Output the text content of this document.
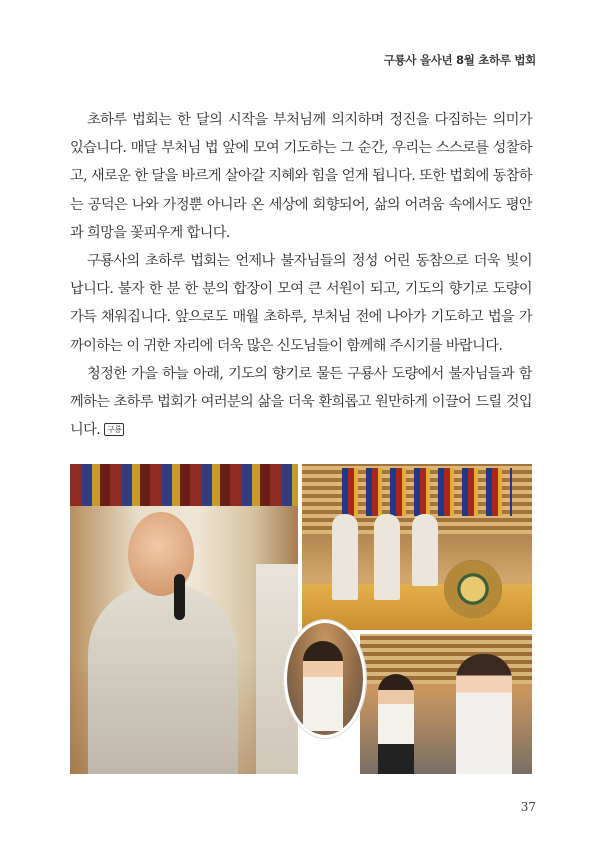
구룡사 을사년 8월 초하루 법회

초하루 법회는 한 달의 시작을 부처님께 의지하며 정진을 다짐하는 의미가 있습니다. 매달 부처님 법 앞에 모여 기도하는 그 순간, 우리는 스스로를 성찰하고, 새로운 한 달을 바르게 살아갈 지혜와 힘을 얻게 됩니다. 또한 법회에 동참하는 공덕은 나와 가정뿐 아니라 온 세상에 회향되어, 삶의 어려움 속에서도 평안과 희망을 꽃피우게 합니다.

구룡사의 초하루 법회는 언제나 불자님들의 정성 어린 동참으로 더욱 빛이 납니다. 불자 한 분 한 분의 합장이 모여 큰 서원이 되고, 기도의 향기로 도량이 가득 채워집니다. 앞으로도 매월 초하루, 부처님 전에 나아가 기도하고 법을 가까이하는 이 귀한 자리에 더욱 많은 신도님들이 함께해 주시기를 바랍니다.

청정한 가을 하늘 아래, 기도의 향기로 물든 구룡사 도량에서 불자님들과 함께하는 초하루 법회가 여러분의 삶을 더욱 환희롭고 원만하게 이끌어 드릴 것입니다. 구룡

37
